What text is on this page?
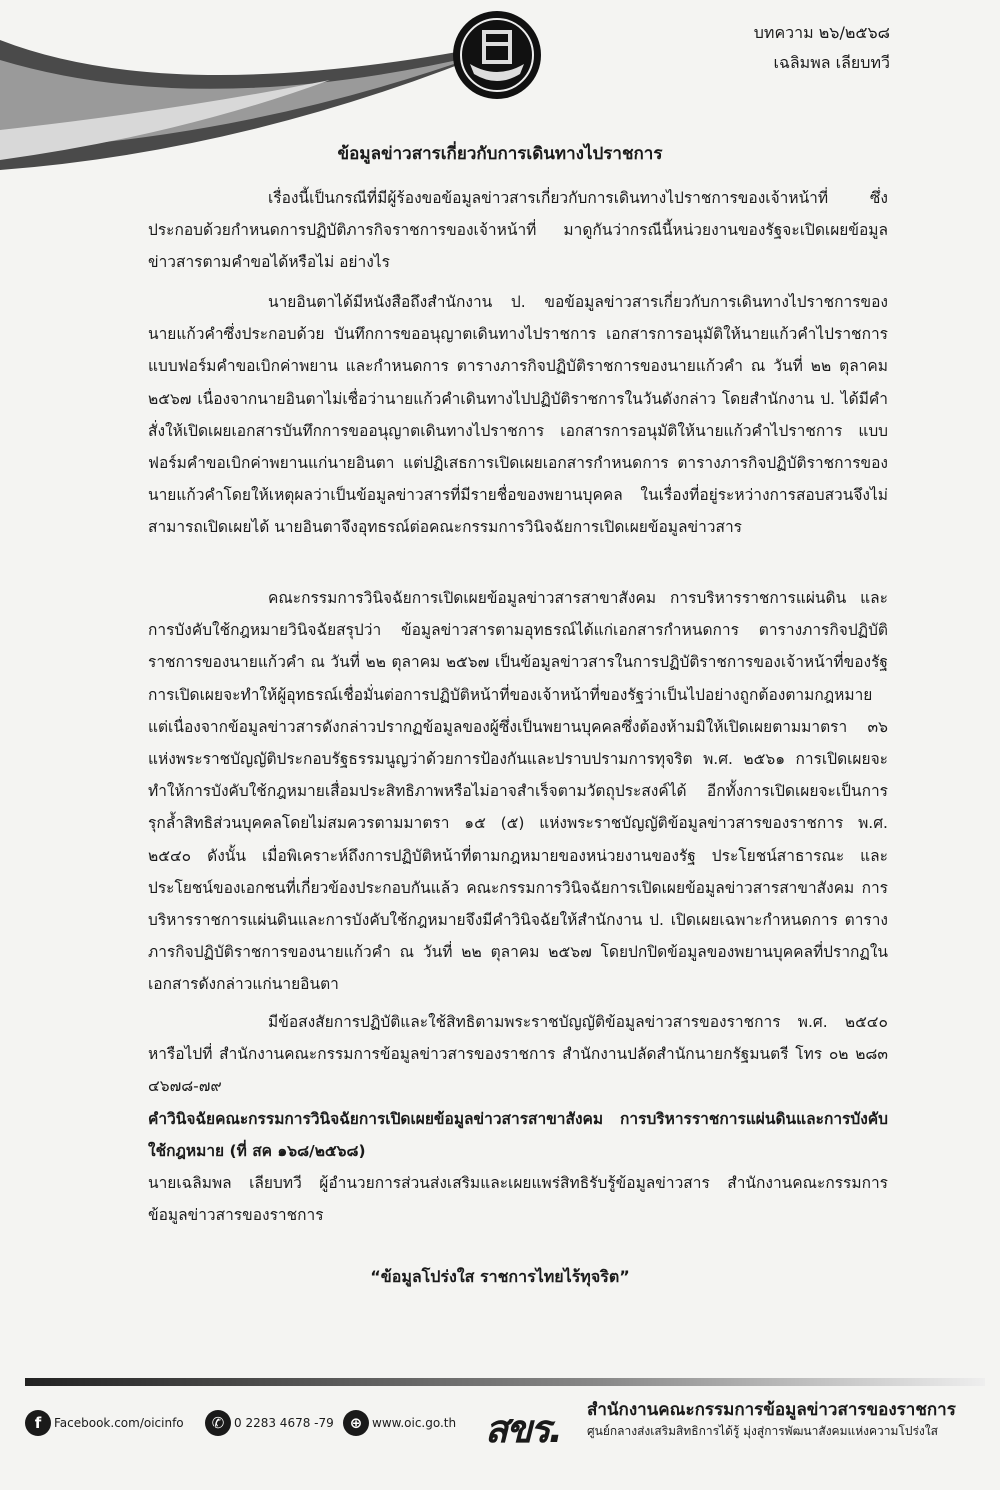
บทความ ๒๖/๒๕๖๘
เฉลิมพล เลียบทวี
ข้อมูลข่าวสารเกี่ยวกับการเดินทางไปราชการ

เรื่องนี้เป็นกรณีที่มีผู้ร้องขอข้อมูลข่าวสารเกี่ยวกับการเดินทางไปราชการของเจ้าหน้าที่ ซึ่งประกอบด้วยกำหนดการปฏิบัติภารกิจราชการของเจ้าหน้าที่ มาดูกันว่ากรณีนี้หน่วยงานของรัฐจะเปิดเผยข้อมูลข่าวสารตามคำขอได้หรือไม่ อย่างไร

นายอินตาได้มีหนังสือถึงสำนักงาน ป. ขอข้อมูลข่าวสารเกี่ยวกับการเดินทางไปราชการของนายแก้วคำซึ่งประกอบด้วย บันทึกการขออนุญาตเดินทางไปราชการ เอกสารการอนุมัติให้นายแก้วคำไปราชการ แบบฟอร์มคำขอเบิกค่าพยาน และกำหนดการ ตารางภารกิจปฏิบัติราชการของนายแก้วคำ ณ วันที่ ๒๒ ตุลาคม ๒๕๖๗ เนื่องจากนายอินตาไม่เชื่อว่านายแก้วคำเดินทางไปปฏิบัติราชการในวันดังกล่าว โดยสำนักงาน ป. ได้มีคำสั่งให้เปิดเผยเอกสารบันทึกการขออนุญาตเดินทางไปราชการ เอกสารการอนุมัติให้นายแก้วคำไปราชการ แบบฟอร์มคำขอเบิกค่าพยานแก่นายอินตา แต่ปฏิเสธการเปิดเผยเอกสารกำหนดการ ตารางภารกิจปฏิบัติราชการของนายแก้วคำโดยให้เหตุผลว่าเป็นข้อมูลข่าวสารที่มีรายชื่อของพยานบุคคล ในเรื่องที่อยู่ระหว่างการสอบสวนจึงไม่สามารถเปิดเผยได้ นายอินตาจึงอุทธรณ์ต่อคณะกรรมการวินิจฉัยการเปิดเผยข้อมูลข่าวสาร

คณะกรรมการวินิจฉัยการเปิดเผยข้อมูลข่าวสารสาขาสังคม การบริหารราชการแผ่นดิน และการบังคับใช้กฎหมายวินิจฉัยสรุปว่า ข้อมูลข่าวสารตามอุทธรณ์ได้แก่เอกสารกำหนดการ ตารางภารกิจปฏิบัติราชการของนายแก้วคำ ณ วันที่ ๒๒ ตุลาคม ๒๕๖๗ เป็นข้อมูลข่าวสารในการปฏิบัติราชการของเจ้าหน้าที่ของรัฐ การเปิดเผยจะทำให้ผู้อุทธรณ์เชื่อมั่นต่อการปฏิบัติหน้าที่ของเจ้าหน้าที่ของรัฐว่าเป็นไปอย่างถูกต้องตามกฎหมาย แต่เนื่องจากข้อมูลข่าวสารดังกล่าวปรากฏข้อมูลของผู้ซึ่งเป็นพยานบุคคลซึ่งต้องห้ามมิให้เปิดเผยตามมาตรา ๓๖ แห่งพระราชบัญญัติประกอบรัฐธรรมนูญว่าด้วยการป้องกันและปราบปรามการทุจริต พ.ศ. ๒๕๖๑ การเปิดเผยจะทำให้การบังคับใช้กฎหมายเสื่อมประสิทธิภาพหรือไม่อาจสำเร็จตามวัตถุประสงค์ได้ อีกทั้งการเปิดเผยจะเป็นการรุกล้ำสิทธิส่วนบุคคลโดยไม่สมควรตามมาตรา ๑๕ (๕) แห่งพระราชบัญญัติข้อมูลข่าวสารของราชการ พ.ศ. ๒๕๔๐ ดังนั้น เมื่อพิเคราะห์ถึงการปฏิบัติหน้าที่ตามกฎหมายของหน่วยงานของรัฐ ประโยชน์สาธารณะ และประโยชน์ของเอกชนที่เกี่ยวข้องประกอบกันแล้ว คณะกรรมการวินิจฉัยการเปิดเผยข้อมูลข่าวสารสาขาสังคม การบริหารราชการแผ่นดินและการบังคับใช้กฎหมายจึงมีคำวินิจฉัยให้สำนักงาน ป. เปิดเผยเฉพาะกำหนดการ ตารางภารกิจปฏิบัติราชการของนายแก้วคำ ณ วันที่ ๒๒ ตุลาคม ๒๕๖๗ โดยปกปิดข้อมูลของพยานบุคคลที่ปรากฏในเอกสารดังกล่าวแก่นายอินตา

มีข้อสงสัยการปฏิบัติและใช้สิทธิตามพระราชบัญญัติข้อมูลข่าวสารของราชการ พ.ศ. ๒๕๔๐ หารือไปที่ สำนักงานคณะกรรมการข้อมูลข่าวสารของราชการ สำนักงานปลัดสำนักนายกรัฐมนตรี โทร ๐๒ ๒๘๓ ๔๖๗๘-๗๙

คำวินิจฉัยคณะกรรมการวินิจฉัยการเปิดเผยข้อมูลข่าวสารสาขาสังคม การบริหารราชการแผ่นดินและการบังคับใช้กฎหมาย (ที่ สค ๑๖๘/๒๕๖๘)

นายเฉลิมพล เลียบทวี ผู้อำนวยการส่วนส่งเสริมและเผยแพร่สิทธิรับรู้ข้อมูลข่าวสาร สำนักงานคณะกรรมการข้อมูลข่าวสารของราชการ

“ข้อมูลโปร่งใส ราชการไทยไร้ทุจริต”
f	Facebook.com/oicinfo	✆ 0 2283 4678 -79	⊕ www.oic.go.th สขร. สำนักงานคณะกรรมการข้อมูลข่าวสารของราชการ
ศูนย์กลางส่งเสริมสิทธิการได้รู้ มุ่งสู่การพัฒนาสังคมแห่งความโปร่งใส
